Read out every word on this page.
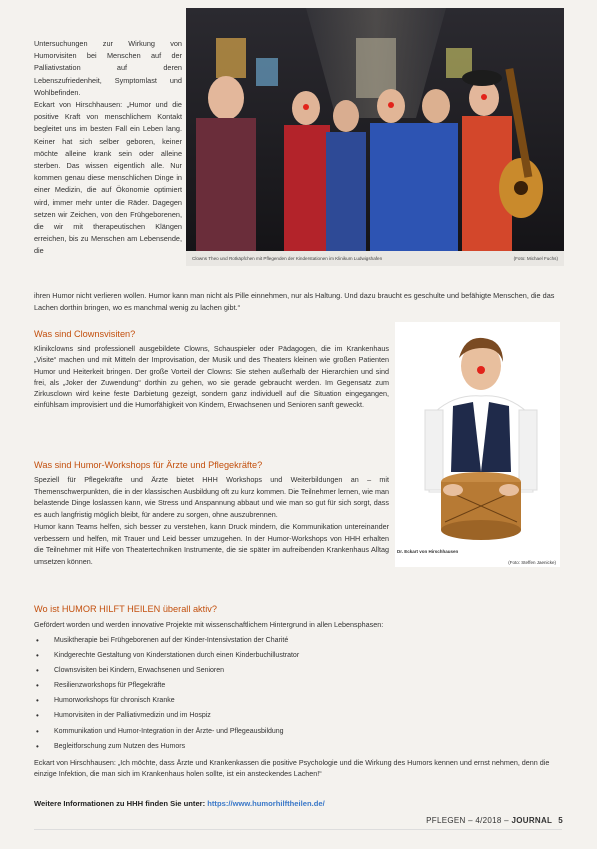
Untersuchungen zur Wirkung von Humorvisiten bei Menschen auf der Palliativstation auf deren Lebenszufriedenheit, Symptomlast und Wohlbefinden.

Eckart von Hirschhausen: „Humor und die positive Kraft von menschlichem Kontakt begleitet uns im besten Fall ein Leben lang. Keiner hat sich selber geboren, keiner möchte alleine krank sein oder alleine sterben. Das wissen eigentlich alle. Nur kommen genau diese menschlichen Dinge in einer Medizin, die auf Ökonomie optimiert wird, immer mehr unter die Räder. Dagegen setzen wir Zeichen, von den Frühgeborenen, die wir mit therapeutischen Klängen erreichen, bis zu Menschen am Lebensende, die

Clowns Theo und Rotkäpfchen mit Pflegenden der Kinderstationen im Klinikum Ludwigshafen	(Foto: Michael Fuchs)
ihren Humor nicht verlieren wollen. Humor kann man nicht als Pille einnehmen, nur als Haltung. Und dazu braucht es geschulte und befähigte Menschen, die das Lachen dorthin bringen, wo es manchmal wenig zu lachen gibt.“
Was sind Clownsvisiten?
Klinikclowns sind professionell ausgebildete Clowns, Schauspieler oder Pädagogen, die im Krankenhaus „Visite“ machen und mit Mitteln der Improvisation, der Musik und des Theaters kleinen wie großen Patienten Humor und Heiterkeit bringen. Der große Vorteil der Clowns: Sie stehen außerhalb der Hierarchien und sind frei, als „Joker der Zuwendung“ dorthin zu gehen, wo sie gerade gebraucht werden. Im Gegensatz zum Zirkusclown wird keine feste Darbietung gezeigt, sondern ganz individuell auf die Situation eingegangen, einfühlsam improvisiert und die Humorfähigkeit von Kindern, Erwachsenen und Senioren sanft geweckt.
Dr. Eckart von Hirschhausen
(Foto: Steffen Jaenicke)
Was sind Humor-Workshops für Ärzte und Pflegekräfte?

Speziell für Pflegekräfte und Ärzte bietet HHH Workshops und Weiterbildungen an – mit Themenschwerpunkten, die in der klassischen Ausbildung oft zu kurz kommen. Die Teilnehmer lernen, wie man belastende Dinge loslassen kann, wie Stress und Anspannung abbaut und wie man so gut für sich sorgt, dass es auch langfristig möglich bleibt, für andere zu sorgen, ohne auszubrennen.

Humor kann Teams helfen, sich besser zu verstehen, kann Druck mindern, die Kommunikation untereinander verbessern und helfen, mit Trauer und Leid besser umzugehen. In der Humor-Workshops von HHH erhalten die Teilnehmer mit Hilfe von Theatertechniken Instrumente, die sie später im aufreibenden Krankenhaus Alltag umsetzen können.

Wo ist HUMOR HILFT HEILEN überall aktiv?
Gefördert worden und werden innovative Projekte mit wissenschaftlichem Hintergrund in allen Lebensphasen:
• Musiktherapie bei Frühgeborenen auf der Kinder-Intensivstation der Charité
• Kindgerechte Gestaltung von Kinderstationen durch einen Kinderbuchillustrator
• Clownsvisiten bei Kindern, Erwachsenen und Senioren
• Resilienzworkshops für Pflegekräfte
• Humorworkshops für chronisch Kranke
• Humorvisiten in der Palliativmedizin und im Hospiz
• Kommunikation und Humor-Integration in der Ärzte- und Pflegeausbildung
• Begleitforschung zum Nutzen des Humors
Eckart von Hirschhausen: „Ich möchte, dass Ärzte und Krankenkassen die positive Psychologie und die Wirkung des Humors kennen und ernst nehmen, denn die einzige Infektion, die man sich im Krankenhaus holen sollte, ist ein ansteckendes Lachen!“
Weitere Informationen zu HHH finden Sie unter: https://www.humorhilftheilen.de/
PFLEGEN – 4/2018 – JOURNAL 5
